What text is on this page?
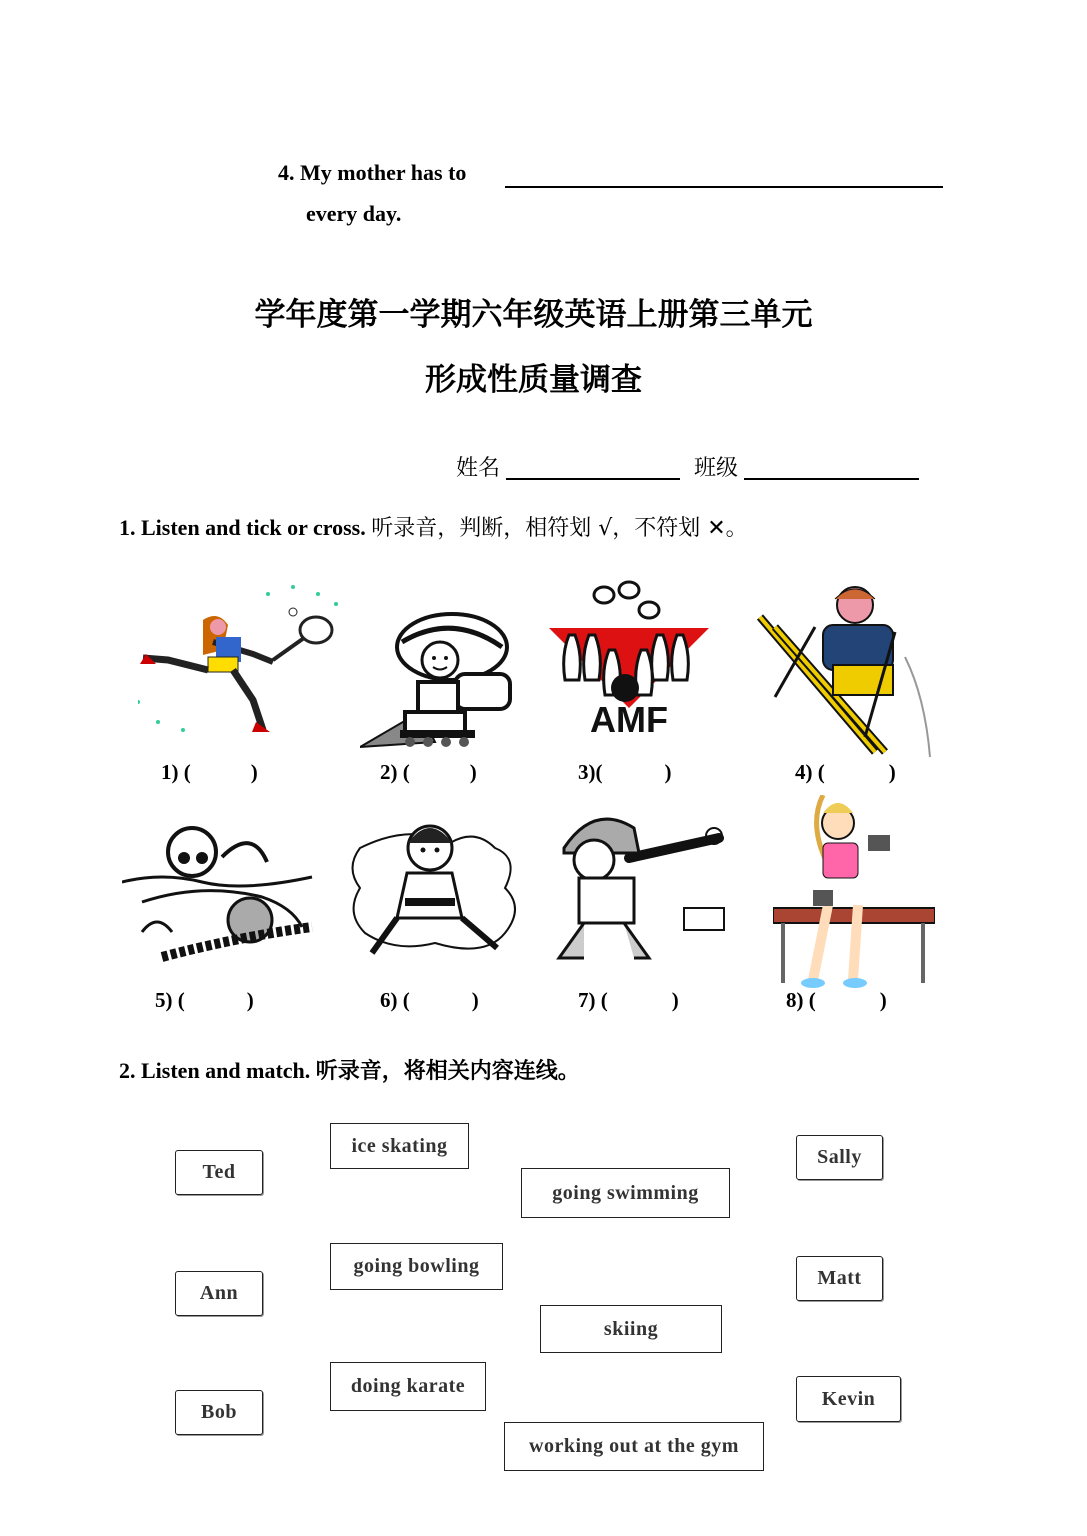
4. My mother has to
every day.
学年度第一学期六年级英语上册第三单元
形成性质量调查
姓名	班级
1. Listen and tick or cross. 听录音，判断，相符划 √，不符划 ✕。
AMF
1) (	)	2) (	)	3)(	)	4) (	)
5) (	)	6) (	)	7) (	)	8) (	)
2. Listen and match. 听录音，将相关内容连线。
Ted
Ann
Bob
ice skating
going swimming
going bowling
skiing
doing karate
working out at the gym
Sally
Matt
Kevin
